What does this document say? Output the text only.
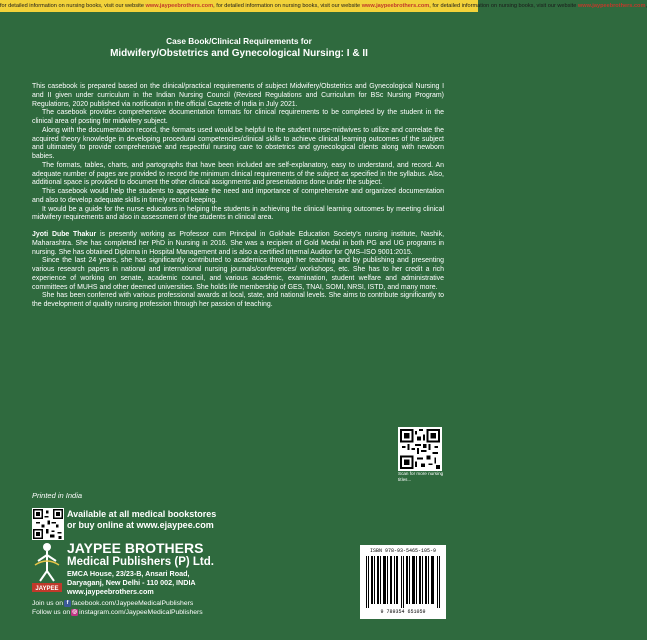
for detailed information on nursing books, visit our website www.jaypeebrothers.com, for detailed information on nursing books, visit our website www.jaypeebrothers.com, for detailed information on nursing books, visit our website www.jaypeebrothers.com,
Case Book/Clinical Requirements for
Midwifery/Obstetrics and Gynecological Nursing: I & II

This casebook is prepared based on the clinical/practical requirements of subject Midwifery/Obstetrics and Gynecological Nursing I and II given under curriculum in the Indian Nursing Council (Revised Regulations and Curriculum for BSc Nursing Program) Regulations, 2020 published via notification in the official Gazette of India in July 2021.

The casebook provides comprehensive documentation formats for clinical requirements to be completed by the student in the clinical area of posting for midwifery subject.

Along with the documentation record, the formats used would be helpful to the student nurse-midwives to utilize and correlate the acquired theory knowledge in developing procedural competencies/clinical skills to achieve clinical learning outcomes of the subject and ultimately to provide comprehensive and respectful nursing care to obstetrics and gynecological clients along with newborn babies.

The formats, tables, charts, and partographs that have been included are self-explanatory, easy to understand, and record. An adequate number of pages are provided to record the minimum clinical requirements of the subject as specified in the syllabus. Also, additional space is provided to document the other clinical assignments and presentations done under the subject.

This casebook would help the students to appreciate the need and importance of comprehensive and organized documentation and also to develop adequate skills in timely record keeping.

It would be a guide for the nurse educators in helping the students in achieving the clinical learning outcomes by meeting clinical midwifery requirements and also in assessment of the students in clinical area.

Jyoti Dube Thakur is presently working as Professor cum Principal in Gokhale Education Society’s nursing institute, Nashik, Maharashtra. She has completed her PhD in Nursing in 2016. She was a recipient of Gold Medal in both PG and UG programs in nursing. She has obtained Diploma in Hospital Management and is also a certified Internal Auditor for QMS–ISO 9001:2015.

Since the last 24 years, she has significantly contributed to academics through her teaching and by publishing and presenting various research papers in national and international nursing journals/conferences/ workshops, etc. She has to her credit a rich experience of working on senate, academic council, and various academic, examination, student welfare and administrative committees of MUHS and other deemed universities. She holds life membership of GES, TNAI, SOMI, NRSI, ISTD, and many more.

She has been conferred with various professional awards at local, state, and national levels. She aims to contribute significantly to the development of quality nursing profession through her passion of teaching.

Scan for more nursing titles...
Printed in India
Available at all medical bookstores
or buy online at www.ejaypee.com
JAYPEE
JAYPEE BROTHERS
Medical Publishers (P) Ltd.
EMCA House, 23/23-B, Ansari Road,
Daryaganj, New Delhi - 110 002, INDIA
www.jaypeebrothers.com
Join us on f facebook.com/JaypeeMedicalPublishers
Follow us on ◎ instagram.com/JaypeeMedicalPublishers
ISBN 978-93-5465-105-9
9 789354 651059
